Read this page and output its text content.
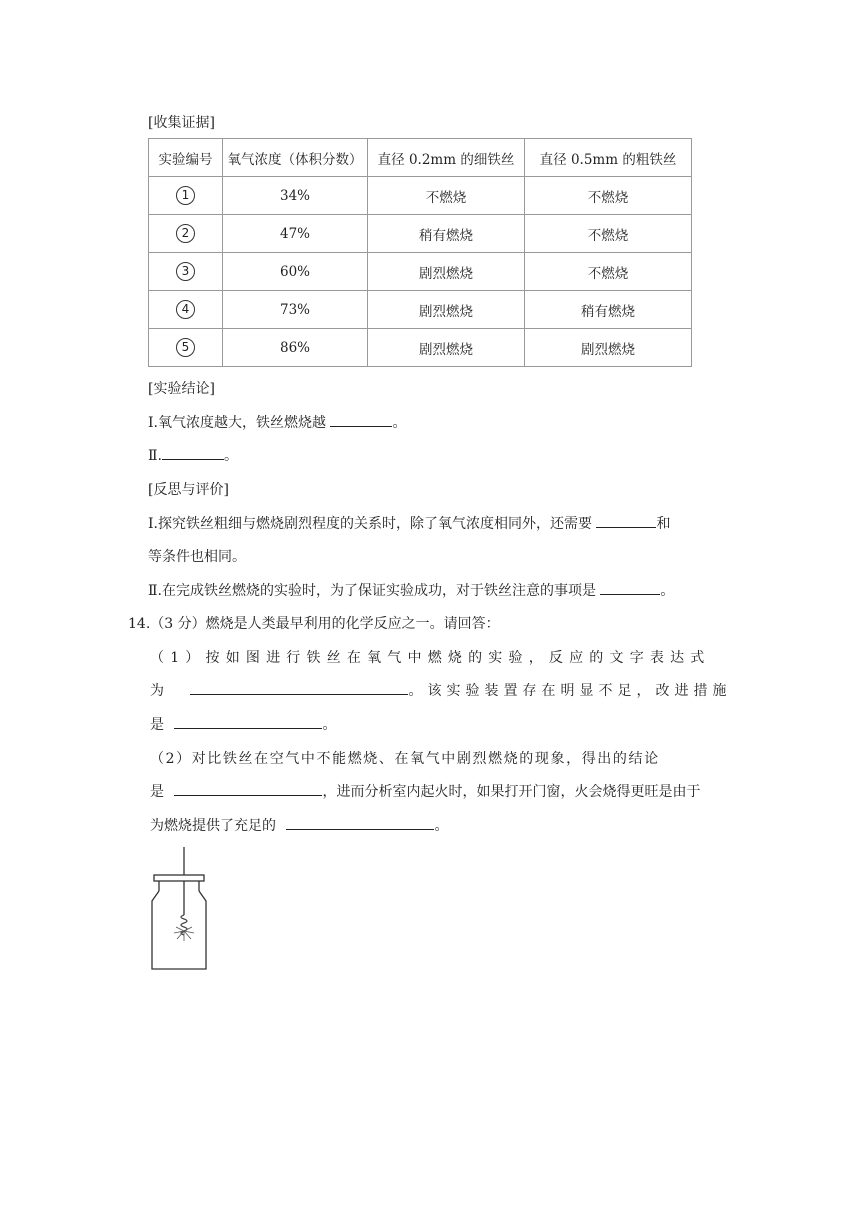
[收集证据]
实验编号	氧气浓度（体积分数）	直径 0.2mm 的细铁丝	直径 0.5mm 的粗铁丝
1	34%	不燃烧	不燃烧
2	47%	稍有燃烧	不燃烧
3	60%	剧烈燃烧	不燃烧
4	73%	剧烈燃烧	稍有燃烧
5	86%	剧烈燃烧	剧烈燃烧
[实验结论]
Ⅰ.氧气浓度越大，铁丝燃烧越	。
Ⅱ.	。
[反思与评价]
Ⅰ.探究铁丝粗细与燃烧剧烈程度的关系时，除了氧气浓度相同外，还需要	和
等条件也相同。
Ⅱ.在完成铁丝燃烧的实验时，为了保证实验成功，对于铁丝注意的事项是	。
14.（3 分）燃烧是人类最早利用的化学反应之一。请回答：
（1）按如图进行铁丝在氧气中燃烧的实验，反应的文字表达式
为	。该实验装置存在明显不足，改进措施
是	。
（2）对比铁丝在空气中不能燃烧、在氧气中剧烈燃烧的现象，得出的结论
是	，进而分析室内起火时，如果打开门窗，火会烧得更旺是由于
为燃烧提供了充足的	。
